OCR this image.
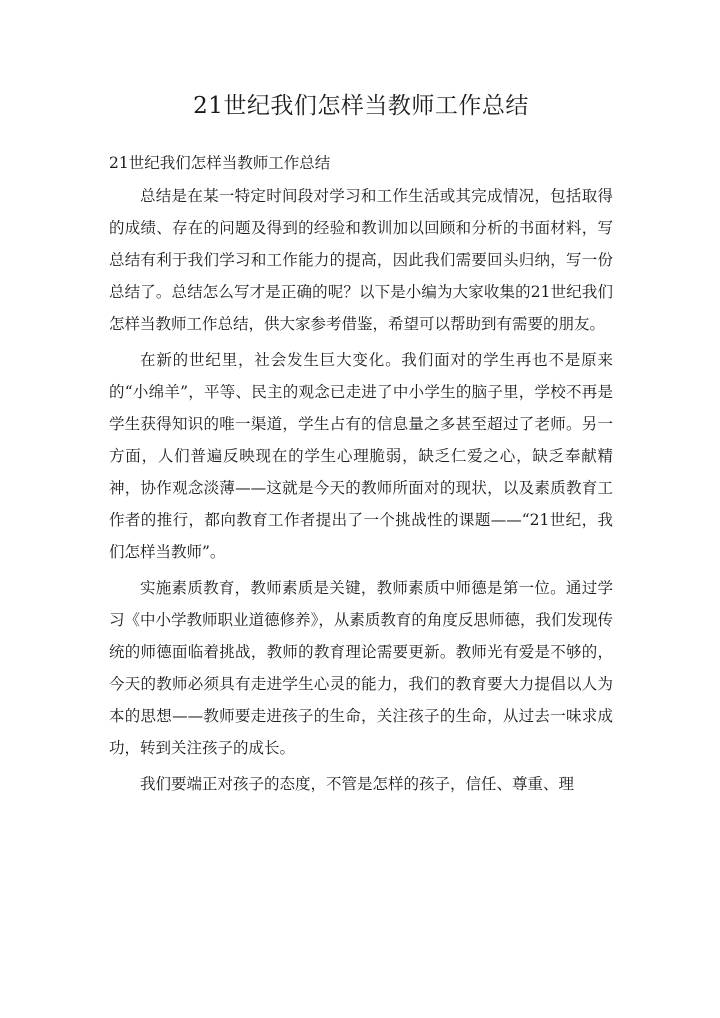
21世纪我们怎样当教师工作总结

21世纪我们怎样当教师工作总结

总结是在某一特定时间段对学习和工作生活或其完成情况，包括取得的成绩、存在的问题及得到的经验和教训加以回顾和分析的书面材料，写总结有利于我们学习和工作能力的提高，因此我们需要回头归纳，写一份总结了。总结怎么写才是正确的呢？以下是小编为大家收集的21世纪我们怎样当教师工作总结，供大家参考借鉴，希望可以帮助到有需要的朋友。

在新的世纪里，社会发生巨大变化。我们面对的学生再也不是原来的“小绵羊”，平等、民主的观念已走进了中小学生的脑子里，学校不再是学生获得知识的唯一渠道，学生占有的信息量之多甚至超过了老师。另一方面，人们普遍反映现在的学生心理脆弱，缺乏仁爱之心，缺乏奉献精神，协作观念淡薄——这就是今天的教师所面对的现状，以及素质教育工作者的推行，都向教育工作者提出了一个挑战性的课题——“21世纪，我们怎样当教师”。

实施素质教育，教师素质是关键，教师素质中师德是第一位。通过学习《中小学教师职业道德修养》，从素质教育的角度反思师德，我们发现传统的师德面临着挑战，教师的教育理论需要更新。教师光有爱是不够的，今天的教师必须具有走进学生心灵的能力，我们的教育要大力提倡以人为本的思想——教师要走进孩子的生命，关注孩子的生命，从过去一味求成功，转到关注孩子的成长。

我们要端正对孩子的态度，不管是怎样的孩子，信任、尊重、理
